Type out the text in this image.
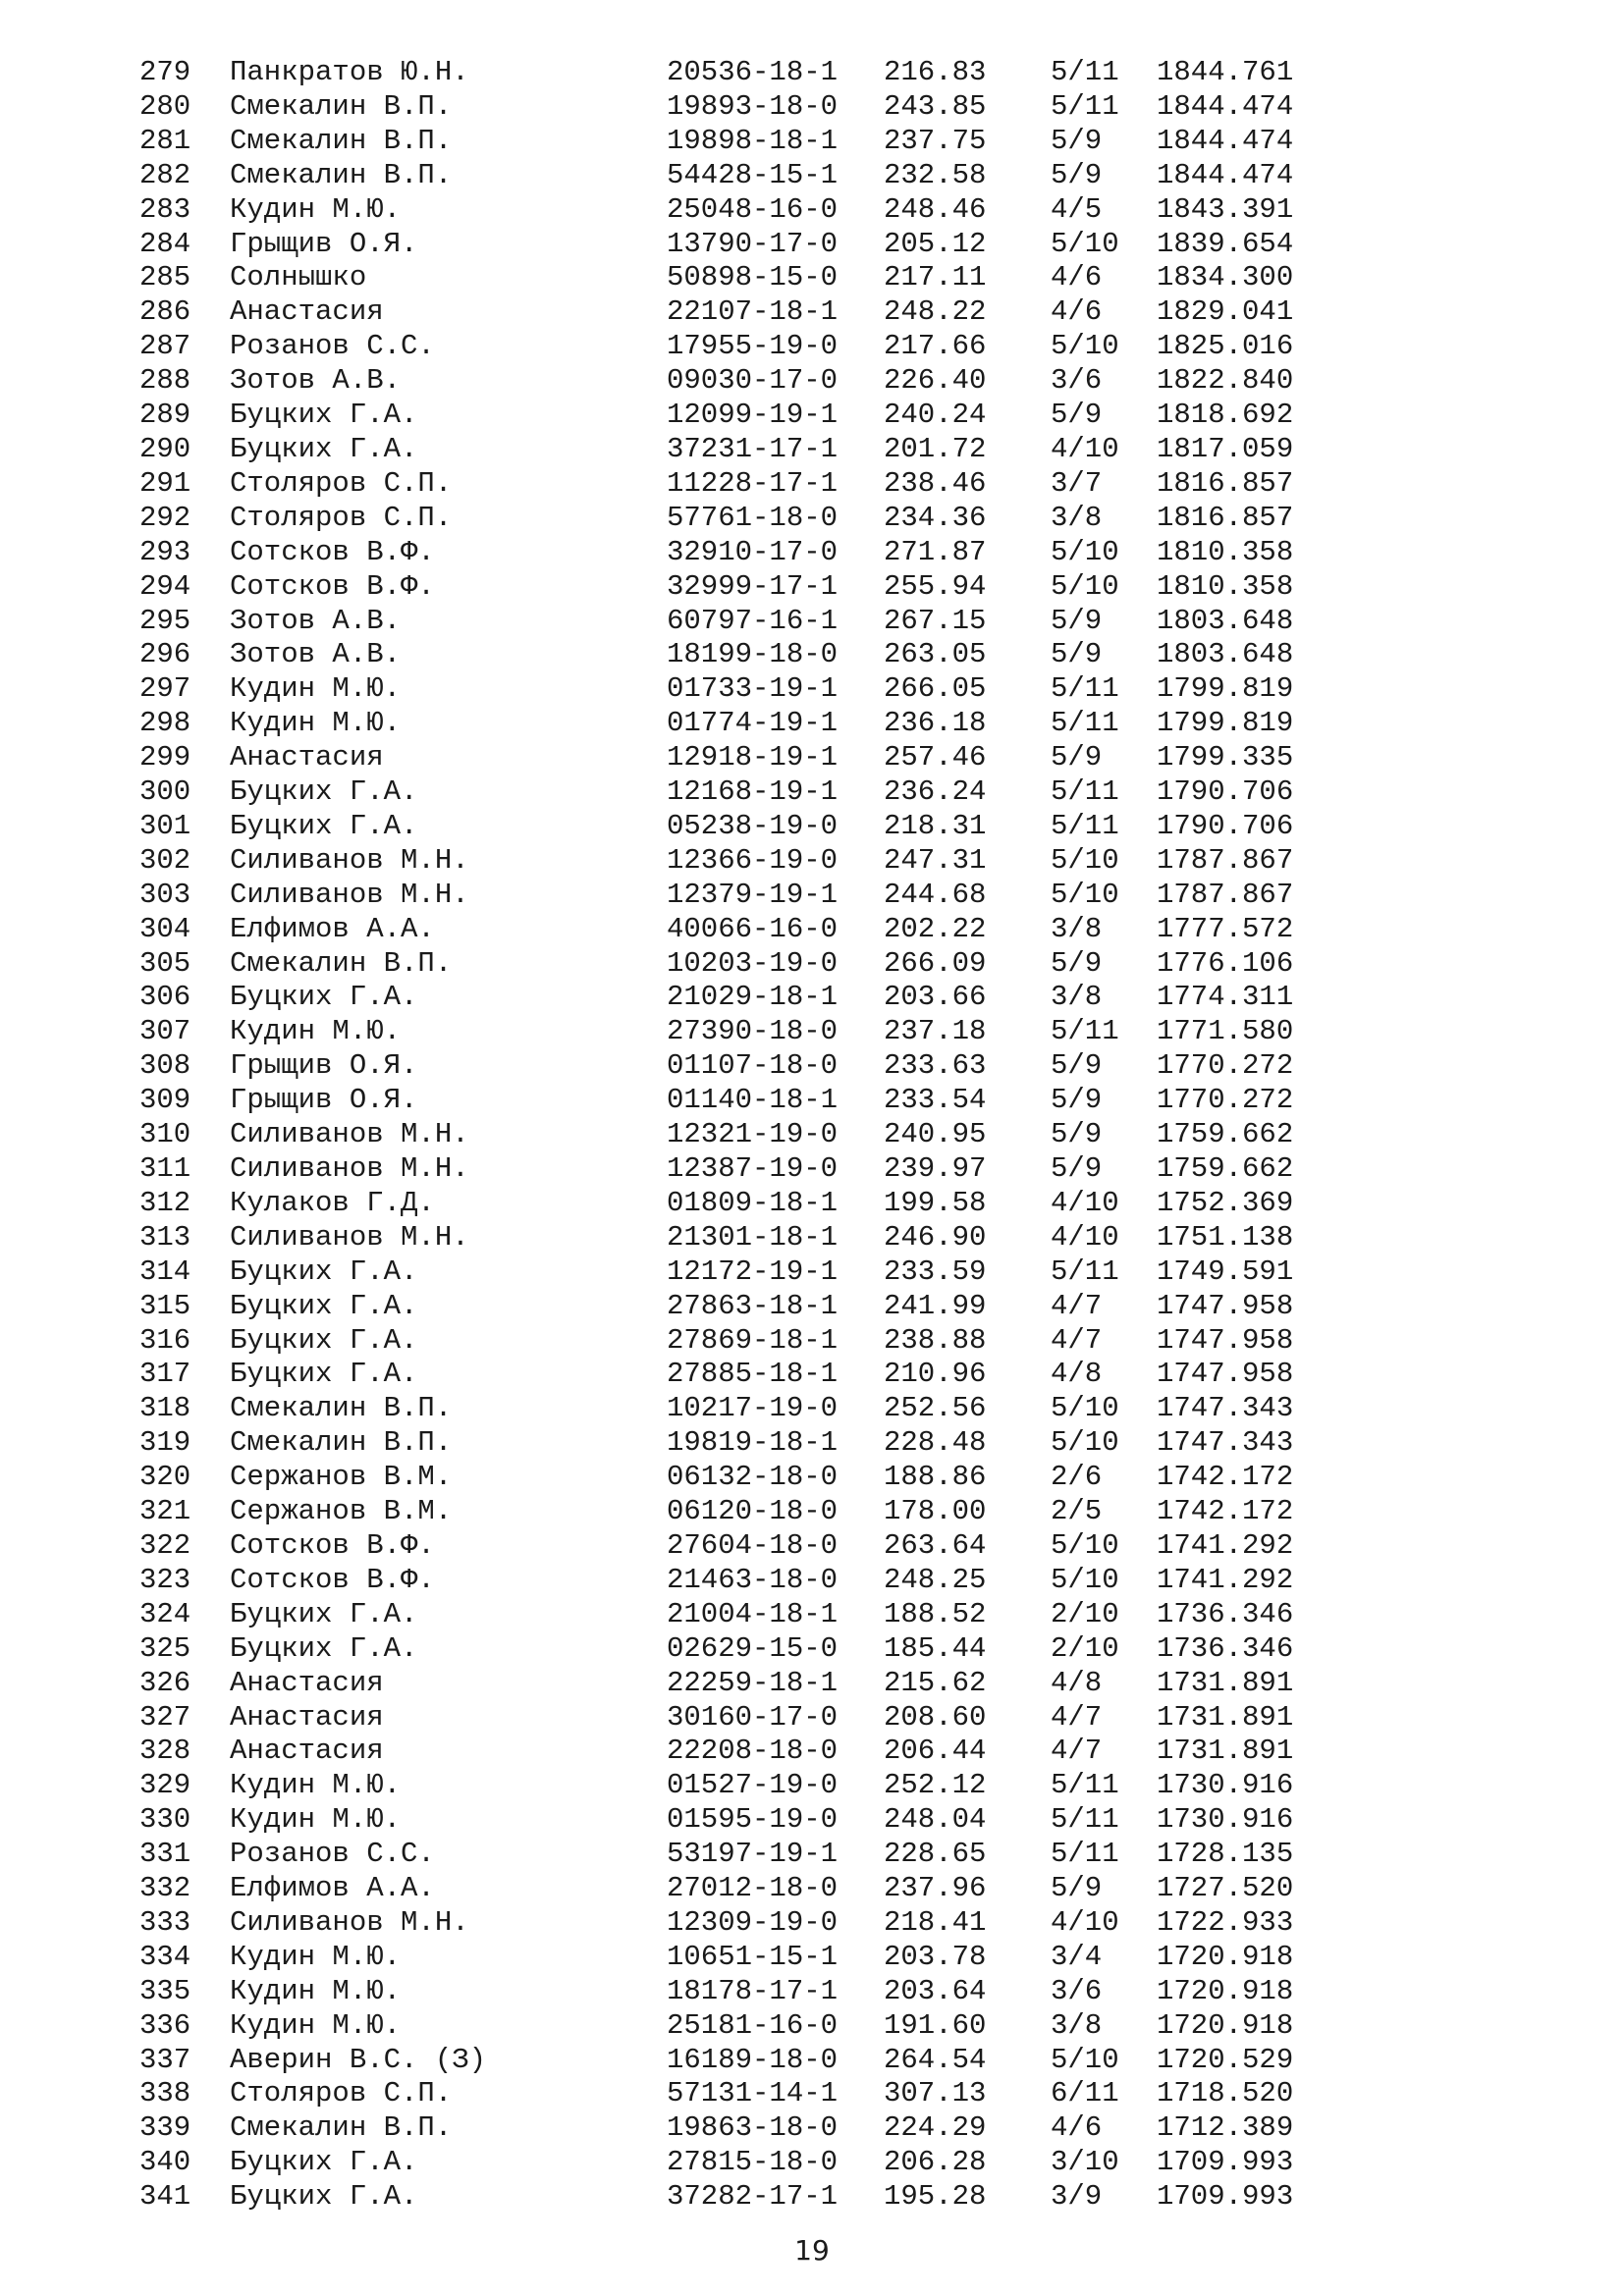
279	Панкратов Ю.Н.	20536-18-1	216.83	5/11	1844.761
280	Смекалин В.П.	19893-18-0	243.85	5/11	1844.474
281	Смекалин В.П.	19898-18-1	237.75	5/9	1844.474
282	Смекалин В.П.	54428-15-1	232.58	5/9	1844.474
283	Кудин М.Ю.	25048-16-0	248.46	4/5	1843.391
284	Грыщив О.Я.	13790-17-0	205.12	5/10	1839.654
285	Солнышко	50898-15-0	217.11	4/6	1834.300
286	Анастасия	22107-18-1	248.22	4/6	1829.041
287	Розанов С.С.	17955-19-0	217.66	5/10	1825.016
288	Зотов А.В.	09030-17-0	226.40	3/6	1822.840
289	Буцких Г.А.	12099-19-1	240.24	5/9	1818.692
290	Буцких Г.А.	37231-17-1	201.72	4/10	1817.059
291	Столяров С.П.	11228-17-1	238.46	3/7	1816.857
292	Столяров С.П.	57761-18-0	234.36	3/8	1816.857
293	Сотсков В.Ф.	32910-17-0	271.87	5/10	1810.358
294	Сотсков В.Ф.	32999-17-1	255.94	5/10	1810.358
295	Зотов А.В.	60797-16-1	267.15	5/9	1803.648
296	Зотов А.В.	18199-18-0	263.05	5/9	1803.648
297	Кудин М.Ю.	01733-19-1	266.05	5/11	1799.819
298	Кудин М.Ю.	01774-19-1	236.18	5/11	1799.819
299	Анастасия	12918-19-1	257.46	5/9	1799.335
300	Буцких Г.А.	12168-19-1	236.24	5/11	1790.706
301	Буцких Г.А.	05238-19-0	218.31	5/11	1790.706
302	Силиванов М.Н.	12366-19-0	247.31	5/10	1787.867
303	Силиванов М.Н.	12379-19-1	244.68	5/10	1787.867
304	Елфимов А.А.	40066-16-0	202.22	3/8	1777.572
305	Смекалин В.П.	10203-19-0	266.09	5/9	1776.106
306	Буцких Г.А.	21029-18-1	203.66	3/8	1774.311
307	Кудин М.Ю.	27390-18-0	237.18	5/11	1771.580
308	Грыщив О.Я.	01107-18-0	233.63	5/9	1770.272
309	Грыщив О.Я.	01140-18-1	233.54	5/9	1770.272
310	Силиванов М.Н.	12321-19-0	240.95	5/9	1759.662
311	Силиванов М.Н.	12387-19-0	239.97	5/9	1759.662
312	Кулаков Г.Д.	01809-18-1	199.58	4/10	1752.369
313	Силиванов М.Н.	21301-18-1	246.90	4/10	1751.138
314	Буцких Г.А.	12172-19-1	233.59	5/11	1749.591
315	Буцких Г.А.	27863-18-1	241.99	4/7	1747.958
316	Буцких Г.А.	27869-18-1	238.88	4/7	1747.958
317	Буцких Г.А.	27885-18-1	210.96	4/8	1747.958
318	Смекалин В.П.	10217-19-0	252.56	5/10	1747.343
319	Смекалин В.П.	19819-18-1	228.48	5/10	1747.343
320	Сержанов В.М.	06132-18-0	188.86	2/6	1742.172
321	Сержанов В.М.	06120-18-0	178.00	2/5	1742.172
322	Сотсков В.Ф.	27604-18-0	263.64	5/10	1741.292
323	Сотсков В.Ф.	21463-18-0	248.25	5/10	1741.292
324	Буцких Г.А.	21004-18-1	188.52	2/10	1736.346
325	Буцких Г.А.	02629-15-0	185.44	2/10	1736.346
326	Анастасия	22259-18-1	215.62	4/8	1731.891
327	Анастасия	30160-17-0	208.60	4/7	1731.891
328	Анастасия	22208-18-0	206.44	4/7	1731.891
329	Кудин М.Ю.	01527-19-0	252.12	5/11	1730.916
330	Кудин М.Ю.	01595-19-0	248.04	5/11	1730.916
331	Розанов С.С.	53197-19-1	228.65	5/11	1728.135
332	Елфимов А.А.	27012-18-0	237.96	5/9	1727.520
333	Силиванов М.Н.	12309-19-0	218.41	4/10	1722.933
334	Кудин М.Ю.	10651-15-1	203.78	3/4	1720.918
335	Кудин М.Ю.	18178-17-1	203.64	3/6	1720.918
336	Кудин М.Ю.	25181-16-0	191.60	3/8	1720.918
337	Аверин В.С. (З)	16189-18-0	264.54	5/10	1720.529
338	Столяров С.П.	57131-14-1	307.13	6/11	1718.520
339	Смекалин В.П.	19863-18-0	224.29	4/6	1712.389
340	Буцких Г.А.	27815-18-0	206.28	3/10	1709.993
341	Буцких Г.А.	37282-17-1	195.28	3/9	1709.993
19
